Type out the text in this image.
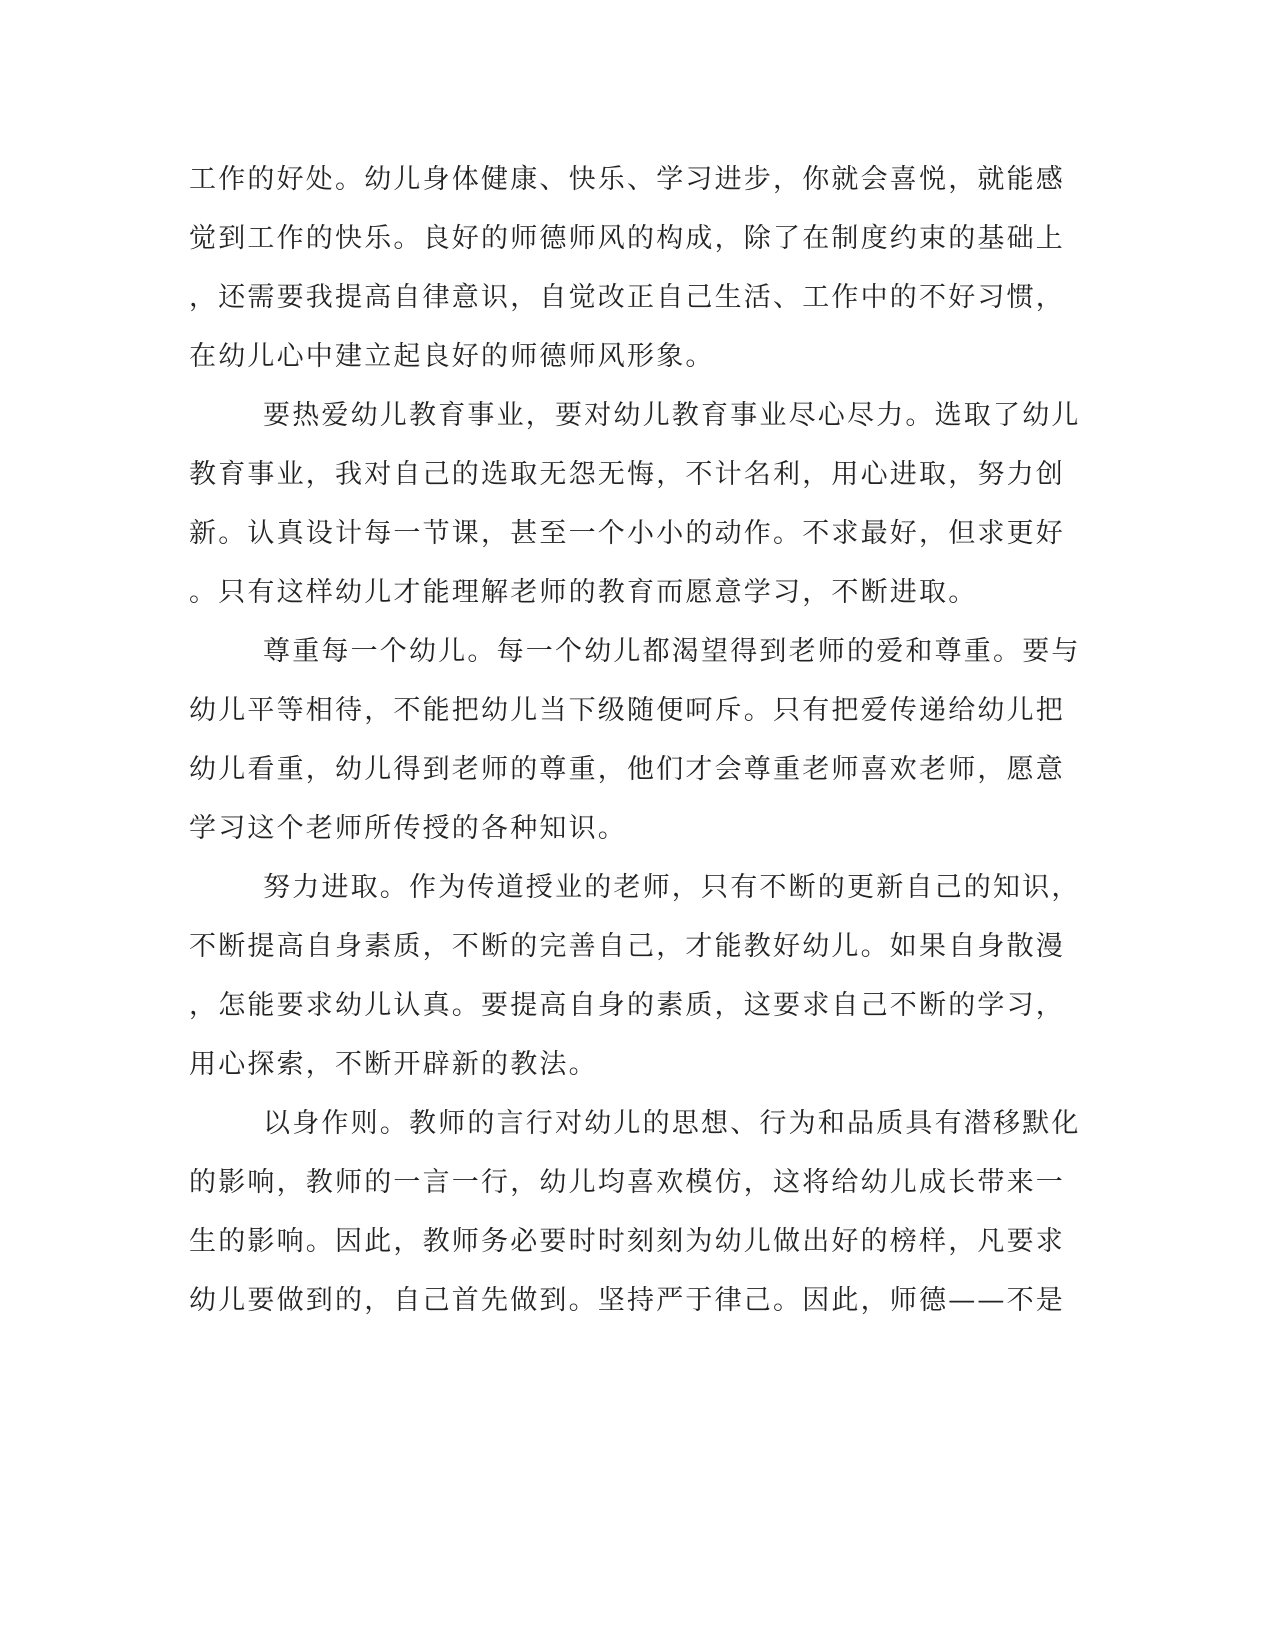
工作的好处。幼儿身体健康、快乐、学习进步，你就会喜悦，就能感

觉到工作的快乐。良好的师德师风的构成，除了在制度约束的基础上

，还需要我提高自律意识，自觉改正自己生活、工作中的不好习惯，

在幼儿心中建立起良好的师德师风形象。

要热爱幼儿教育事业，要对幼儿教育事业尽心尽力。选取了幼儿

教育事业，我对自己的选取无怨无悔，不计名利，用心进取，努力创

新。认真设计每一节课，甚至一个小小的动作。不求最好，但求更好

。只有这样幼儿才能理解老师的教育而愿意学习，不断进取。

尊重每一个幼儿。每一个幼儿都渴望得到老师的爱和尊重。要与

幼儿平等相待，不能把幼儿当下级随便呵斥。只有把爱传递给幼儿把

幼儿看重，幼儿得到老师的尊重，他们才会尊重老师喜欢老师，愿意

学习这个老师所传授的各种知识。

努力进取。作为传道授业的老师，只有不断的更新自己的知识，

不断提高自身素质，不断的完善自己，才能教好幼儿。如果自身散漫

，怎能要求幼儿认真。要提高自身的素质，这要求自己不断的学习，

用心探索，不断开辟新的教法。

以身作则。教师的言行对幼儿的思想、行为和品质具有潜移默化

的影响，教师的一言一行，幼儿均喜欢模仿，这将给幼儿成长带来一

生的影响。因此，教师务必要时时刻刻为幼儿做出好的榜样，凡要求

幼儿要做到的，自己首先做到。坚持严于律己。因此，师德——不是
